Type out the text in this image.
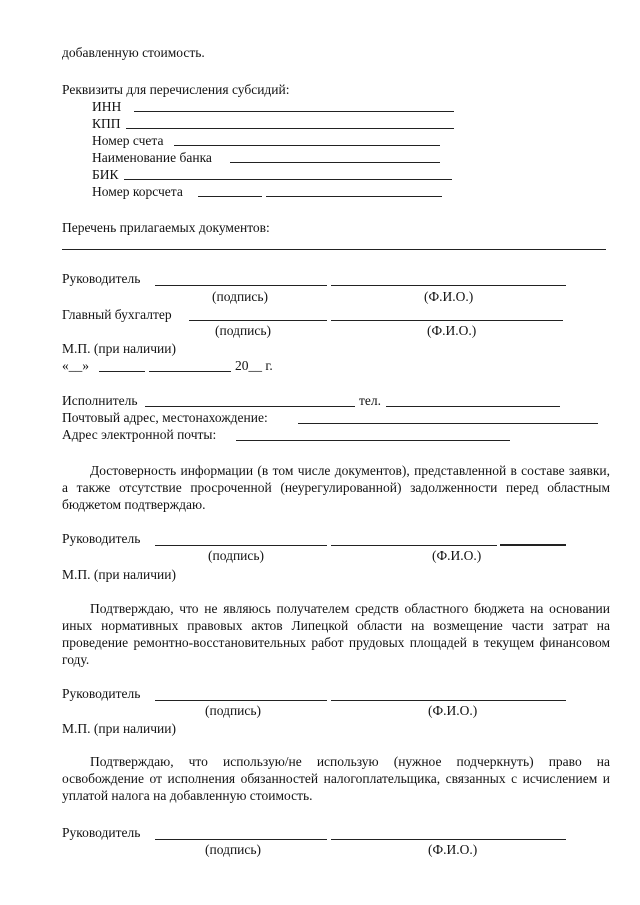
добавленную стоимость.
Реквизиты для перечисления субсидий:
ИНН
КПП
Номер счета
Наименование банка
БИК
Номер корсчета
Перечень прилагаемых документов:
Руководитель
(подпись)	(Ф.И.О.)
Главный бухгалтер
(подпись)	(Ф.И.О.)
М.П. (при наличии)
«__»	20__ г.
Исполнитель	тел.
Почтовый адрес, местонахождение:
Адрес электронной почты:
Достоверность информации (в том числе документов), представленной в составе заявки, а также отсутствие просроченной (неурегулированной) задолженности перед областным бюджетом подтверждаю.
Руководитель
(подпись)	(Ф.И.О.)
М.П. (при наличии)
Подтверждаю, что не являюсь получателем средств областного бюджета на основании иных нормативных правовых актов Липецкой области на возмещение части затрат на проведение ремонтно-восстановительных работ прудовых площадей в текущем финансовом году.
Руководитель
(подпись)	(Ф.И.О.)
М.П. (при наличии)
Подтверждаю, что использую/не использую (нужное подчеркнуть) право на освобождение от исполнения обязанностей налогоплательщика, связанных с исчислением и уплатой налога на добавленную стоимость.
Руководитель
(подпись)	(Ф.И.О.)
